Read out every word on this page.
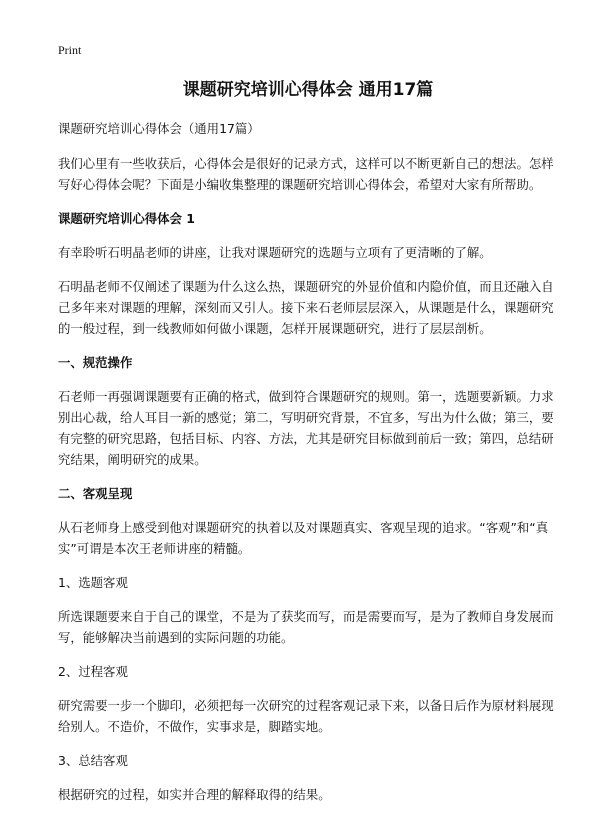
Print
课题研究培训心得体会 通用17篇

课题研究培训心得体会（通用17篇）

我们心里有一些收获后，心得体会是很好的记录方式，这样可以不断更新自己的想法。怎样写好心得体会呢？下面是小编收集整理的课题研究培训心得体会，希望对大家有所帮助。

课题研究培训心得体会 1

有幸聆听石明晶老师的讲座，让我对课题研究的选题与立项有了更清晰的了解。

石明晶老师不仅阐述了课题为什么这么热，课题研究的外显价值和内隐价值，而且还融入自己多年来对课题的理解，深刻而又引人。接下来石老师层层深入，从课题是什么，课题研究的一般过程，到一线教师如何做小课题，怎样开展课题研究，进行了层层剖析。

一、规范操作

石老师一再强调课题要有正确的格式，做到符合课题研究的规则。第一，选题要新颖。力求别出心裁，给人耳目一新的感觉；第二，写明研究背景，不宜多，写出为什么做；第三，要有完整的研究思路，包括目标、内容、方法，尤其是研究目标做到前后一致；第四，总结研究结果，阐明研究的成果。

二、客观呈现

从石老师身上感受到他对课题研究的执着以及对课题真实、客观呈现的追求。“客观”和“真实”可谓是本次王老师讲座的精髓。

1、选题客观

所选课题要来自于自己的课堂，不是为了获奖而写，而是需要而写，是为了教师自身发展而写，能够解决当前遇到的实际问题的功能。

2、过程客观

研究需要一步一个脚印，必须把每一次研究的过程客观记录下来，以备日后作为原材料展现给别人。不造价，不做作，实事求是，脚踏实地。

3、总结客观

根据研究的过程，如实并合理的解释取得的结果。
